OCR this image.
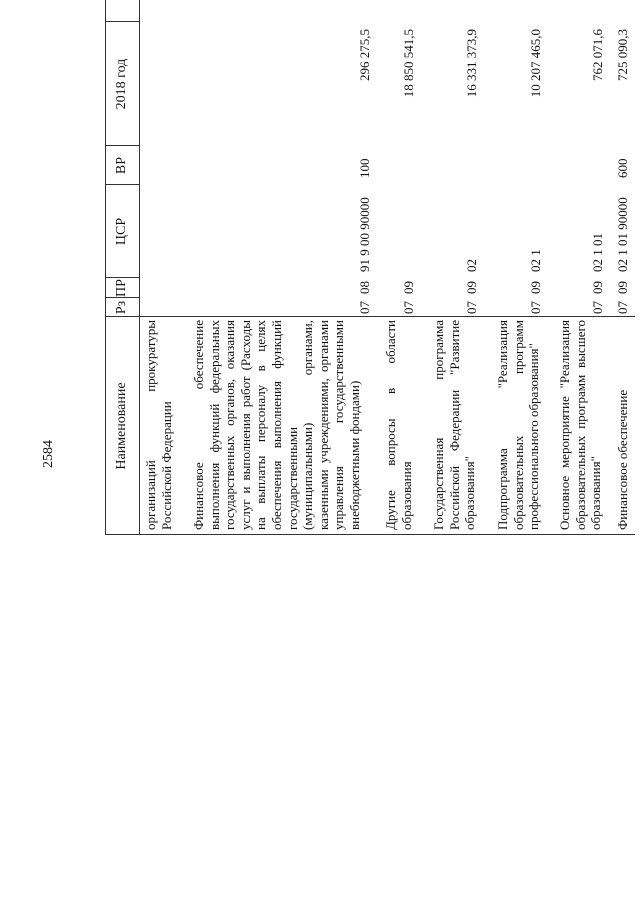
2584	Наименование
Рз
ПР
ЦСР
ВР
2018 год
организаций прокуратуры Российской Федерации Финансовое обеспечение выполнения функций федеральных государственных органов, оказания услуг и выполнения работ (Расходы на выплаты персоналу в целях обеспечения выполнения функций государственными (муниципальными) органами, казенными учреждениями, органами управления государственными внебюджетными фондами)
07
08
91 9 00 90000
100
296 275,5
Другие вопросы в области образования
07
09
18 850 541,5
Государственная программа Российской Федерации "Развитие образования"
07
09
02
16 331 373,9
Подпрограмма "Реализация образовательных программ профессионального образования"
07
09
02 1
10 207 465,0
Основное мероприятие "Реализация образовательных программ высшего образования"
07
09
02 1 01
762 071,6
Финансовое обеспечение
07
09
02 1 01 90000
600
725 090,3
